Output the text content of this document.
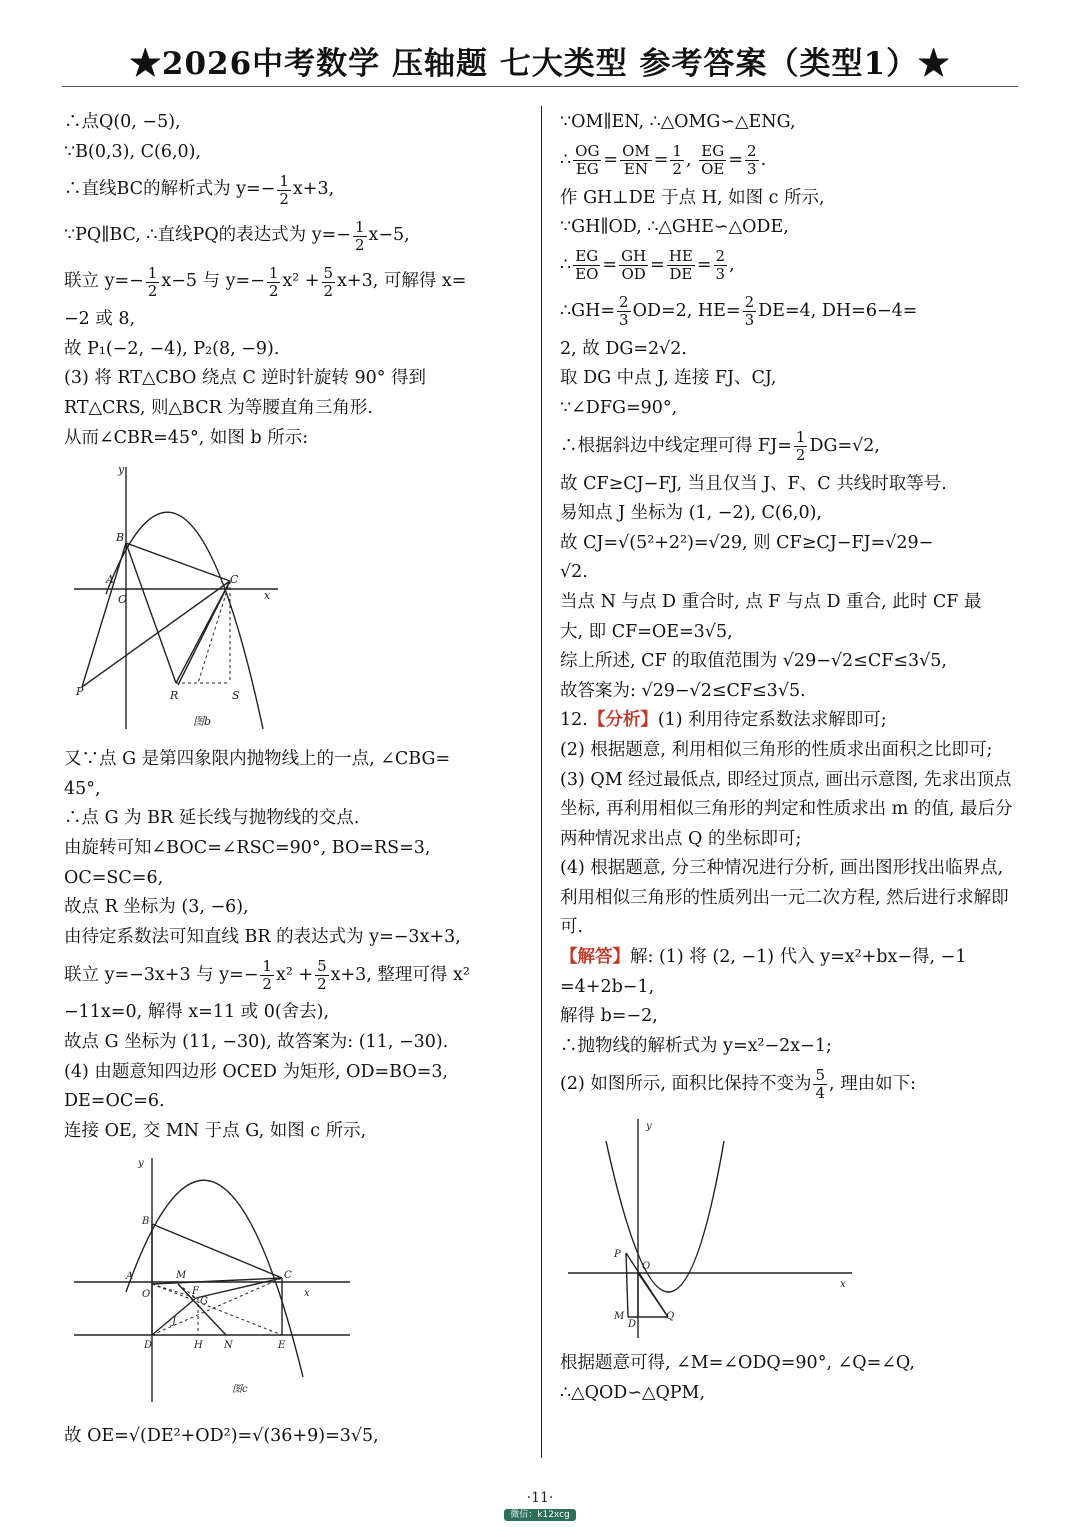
★2026中考数学 压轴题 七大类型 参考答案（类型1）★
∴点Q(0, −5),
∵B(0,3), C(6,0),
∴直线BC的解析式为 $y=- \frac{1}{2} x+3$,
∵PQ∥BC, ∴直线PQ的表达式为 $y=- \frac{1}{2} x-5$,
联立 $y=- \frac{1}{2} x-5$ 与 $y=- \frac{1}{2} x^2 + \frac{5}{2} x+3$, 可解得 x=
−2 或 8,
故 P₁(−2, −4), P₂(8, −9).
(3) 将 RT△CBO 绕点 C 逆时针旋转 90° 得到
RT△CRS, 则△BCR 为等腰直角三角形.
从而∠CBR=45°, 如图 b 所示:
y
B
A
O
C
x
P	R	S
图b
又∵点 G 是第四象限内抛物线上的一点, ∠CBG=
45°,
∴点 G 为 BR 延长线与抛物线的交点.
由旋转可知∠BOC=∠RSC=90°, BO=RS=3,
OC=SC=6,
故点 R 坐标为 (3, −6),
由待定系数法可知直线 BR 的表达式为 y=−3x+3,
联立 y=−3x+3 与 $y=- \frac{1}{2} x^2 + \frac{5}{2} x+3$, 整理可得 x²
−11x=0, 解得 x=11 或 0(舍去),
故点 G 坐标为 (11, −30), 故答案为: (11, −30).
(4) 由题意知四边形 OCED 为矩形, OD=BO=3,
DE=OC=6.
连接 OE, 交 MN 于点 G, 如图 c 所示,
y
B
A	M
O
C
F
G
x
J
D	H N	E
图c
故 OE=√(DE²+OD²)=√(36+9)=3√5,
∵OM∥EN, ∴△OMG∽△ENG,
∴ $\frac{OG}{EG} = \frac{OM}{EN} = \frac{1}{2}$ ,
$\frac{EG}{OE} = \frac{2}{3}$ .
作 GH⊥DE 于点 H, 如图 c 所示,
∵GH∥OD, ∴△GHE∽△ODE,
∴ $\frac{EG}{EO} = \frac{GH}{OD} = \frac{HE}{DE} = \frac{2}{3}$ ,
∴GH= $\frac{2}{3} OD=2$, $HE= \frac{2}{3} DE=4$, DH=6−4=
2, 故 DG=2√2.
取 DG 中点 J, 连接 FJ、CJ,
∵∠DFG=90°,
∴根据斜边中线定理可得 $FJ= \frac{1}{2} DG=√2$,
故 CF≥CJ−FJ, 当且仅当 J、F、C 共线时取等号.
易知点 J 坐标为 (1, −2), C(6,0),
故 CJ=√(5²+2²)=√29, 则 CF≥CJ−FJ=√29−
√2.
当点 N 与点 D 重合时, 点 F 与点 D 重合, 此时 CF 最
大, 即 CF=OE=3√5,
综上所述, CF 的取值范围为 √29−√2≤CF≤3√5,
故答案为: √29−√2≤CF≤3√5.
12. 【分析】 (1) 利用待定系数法求解即可;
(2) 根据题意, 利用相似三角形的性质求出面积之比即可;
(3) QM 经过最低点, 即经过顶点, 画出示意图, 先求出顶点坐标, 再利用相似三角形的判定和性质求出 m 的值, 最后分两种情况求出点 Q 的坐标即可;
(4) 根据题意, 分三种情况进行分析, 画出图形找出临界点, 利用相似三角形的性质列出一元二次方程, 然后进行求解即可.
【解答】 解: (1) 将 (2, −1) 代入 y=x²+bx−得, −1
=4+2b−1,
解得 b=−2,
∴抛物线的解析式为 y=x²−2x−1;
(2) 如图所示, 面积比保持不变为 $\frac{5}{4}$ , 理由如下:
y
P
O
x
M
D
Q
根据题意可得, ∠M=∠ODQ=90°, ∠Q=∠Q,
∴△QOD∽△QPM,
·11·
微信：k12xcg
